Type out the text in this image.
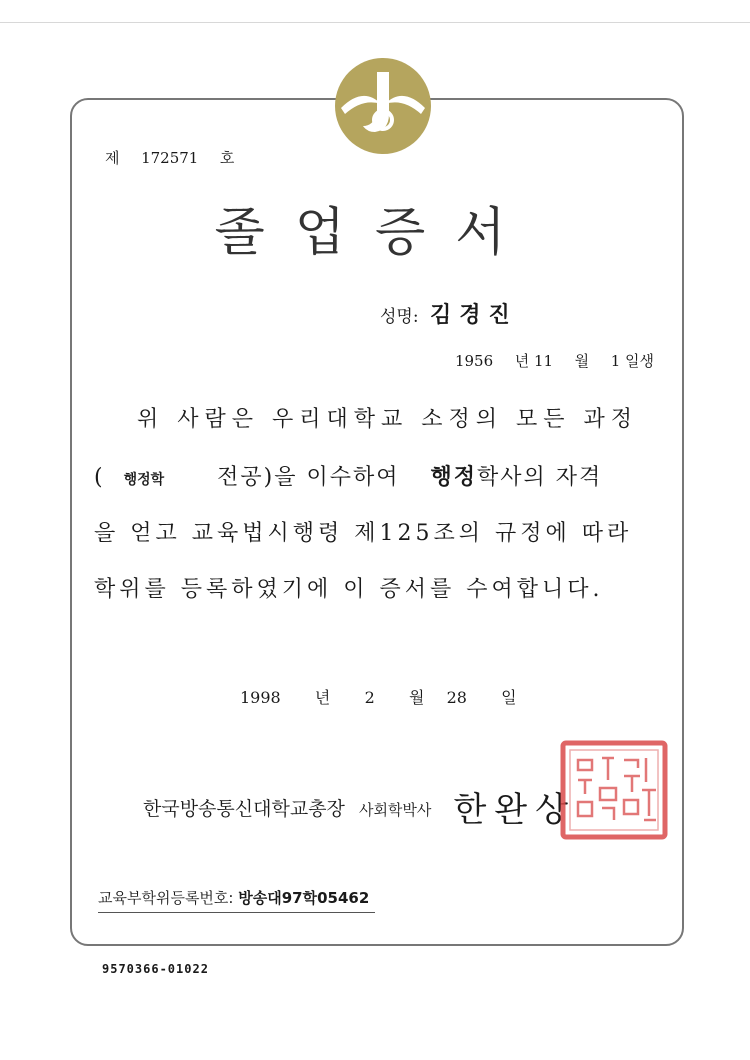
제 172571 호
졸업증서
성명: 김경진
1956 년 11 월 1 일생
위 사람은 우리대학교 소정의 모든 과정
( 행정학 전공)을 이수하여 행정학사의 자격
을 얻고 교육법시행령 제125조의 규정에 따라
학위를 등록하였기에 이 증서를 수여합니다.
1998 년 2 월 28 일
한국방송통신대학교총장 사회학박사 한완상
교육부학위등록번호: 방송대97학05462
9570366-01022
